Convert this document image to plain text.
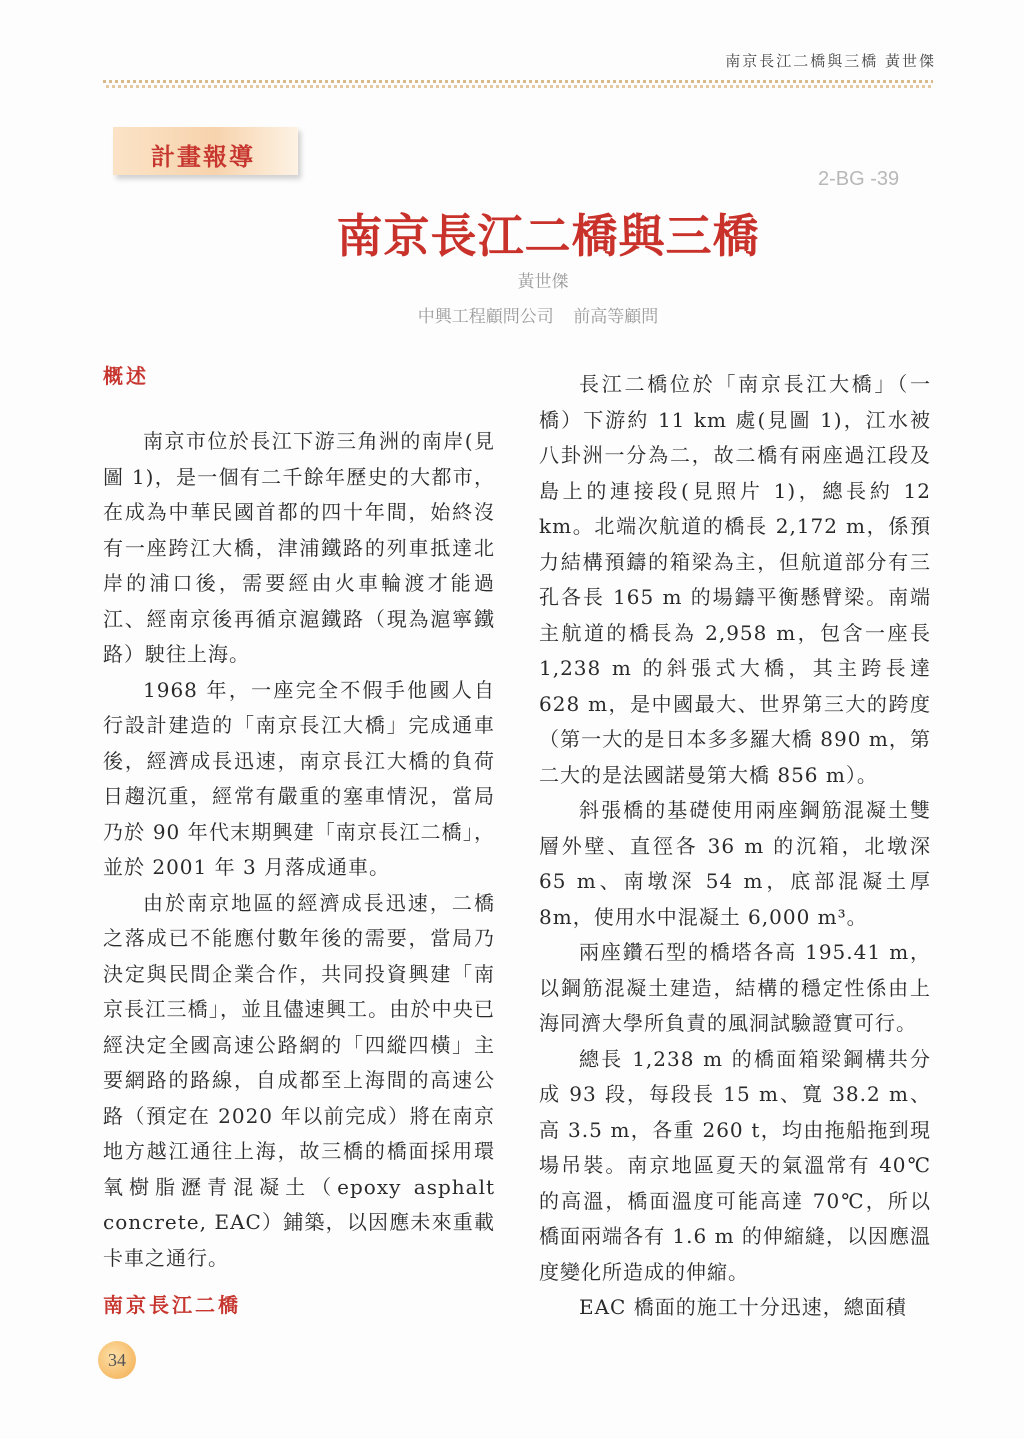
南京長江二橋與三橋 黃世傑
計畫報導
2-BG -39
南京長江二橋與三橋
黃世傑
中興工程顧問公司 前高等顧問
概述

南京市位於長江下游三角洲的南岸(見圖 1)，是一個有二千餘年歷史的大都市，在成為中華民國首都的四十年間，始終沒有一座跨江大橋，津浦鐵路的列車抵達北岸的浦口後，需要經由火車輪渡才能過江、經南京後再循京滬鐵路（現為滬寧鐵路）駛往上海。

1968 年，一座完全不假手他國人自行設計建造的「南京長江大橋」完成通車後，經濟成長迅速，南京長江大橋的負荷日趨沉重，經常有嚴重的塞車情況，當局乃於 90 年代末期興建「南京長江二橋」，並於 2001 年 3 月落成通車。

由於南京地區的經濟成長迅速，二橋之落成已不能應付數年後的需要，當局乃決定與民間企業合作，共同投資興建「南京長江三橋」，並且儘速興工。由於中央已經決定全國高速公路網的「四縱四橫」主要網路的路線，自成都至上海間的高速公路（預定在 2020 年以前完成）將在南京地方越江通往上海，故三橋的橋面採用環氧樹脂瀝青混凝土（epoxy asphalt concrete, EAC）鋪築，以因應未來重載卡車之通行。

南京長江二橋

長江二橋位於「南京長江大橋」（一橋）下游約 11 km 處(見圖 1)，江水被八卦洲一分為二，故二橋有兩座過江段及島上的連接段(見照片 1)，總長約 12 km。北端次航道的橋長 2,172 m，係預力結構預鑄的箱梁為主，但航道部分有三孔各長 165 m 的場鑄平衡懸臂梁。南端主航道的橋長為 2,958 m，包含一座長 1,238 m 的斜張式大橋，其主跨長達 628 m，是中國最大、世界第三大的跨度（第一大的是日本多多羅大橋 890 m，第二大的是法國諾曼第大橋 856 m）。

斜張橋的基礎使用兩座鋼筋混凝土雙層外壁、直徑各 36 m 的沉箱，北墩深 65 m、南墩深 54 m，底部混凝土厚 8m，使用水中混凝土 6,000 m³。

兩座鑽石型的橋塔各高 195.41 m，以鋼筋混凝土建造，結構的穩定性係由上海同濟大學所負責的風洞試驗證實可行。

總長 1,238 m 的橋面箱梁鋼構共分成 93 段，每段長 15 m、寬 38.2 m、高 3.5 m，各重 260 t，均由拖船拖到現場吊裝。南京地區夏天的氣溫常有 40℃的高溫，橋面溫度可能高達 70℃，所以橋面兩端各有 1.6 m 的伸縮縫，以因應溫度變化所造成的伸縮。

EAC 橋面的施工十分迅速，總面積

34
